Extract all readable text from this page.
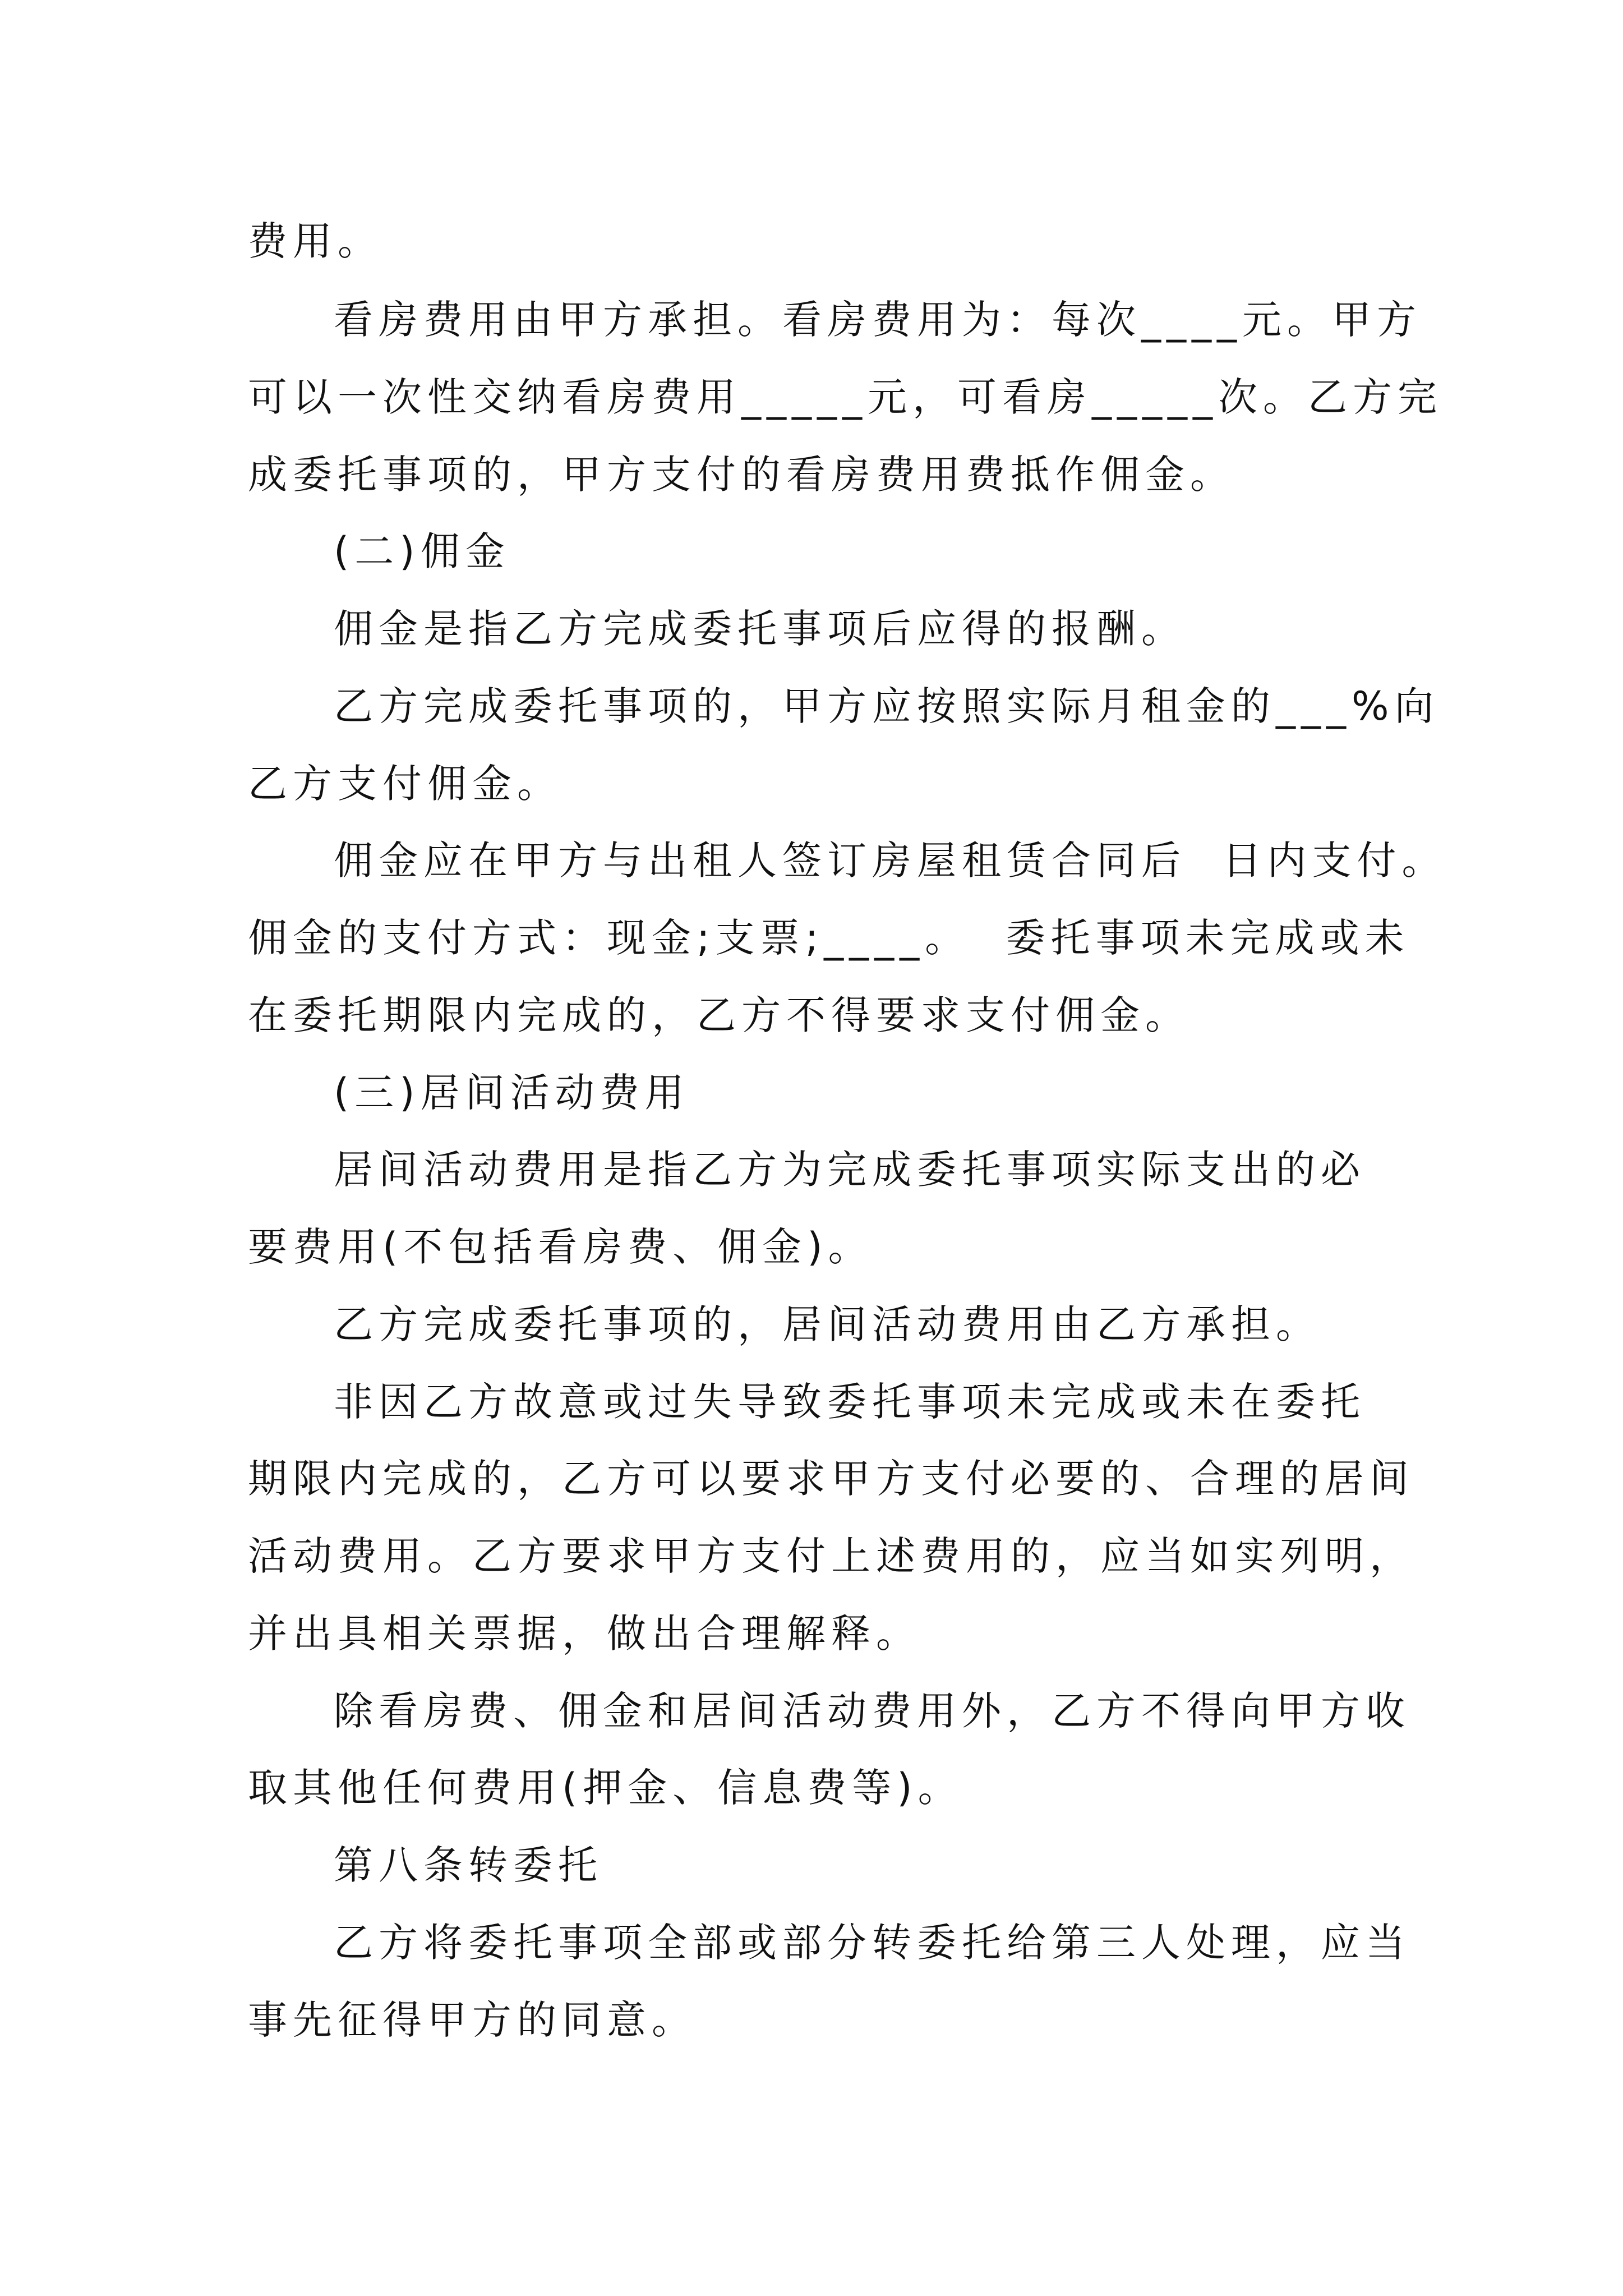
费用。

看房费用由甲方承担。看房费用为：每次____元。甲方

可以一次性交纳看房费用_____元，可看房_____次。乙方完

成委托事项的，甲方支付的看房费用费抵作佣金。

(二)佣金

佣金是指乙方完成委托事项后应得的报酬。

乙方完成委托事项的，甲方应按照实际月租金的___%向

乙方支付佣金。

佣金应在甲方与出租人签订房屋租赁合同后  日内支付。

佣金的支付方式：现金;支票;____。  委托事项未完成或未

在委托期限内完成的，乙方不得要求支付佣金。

(三)居间活动费用

居间活动费用是指乙方为完成委托事项实际支出的必

要费用(不包括看房费、佣金)。

乙方完成委托事项的，居间活动费用由乙方承担。

非因乙方故意或过失导致委托事项未完成或未在委托

期限内完成的，乙方可以要求甲方支付必要的、合理的居间

活动费用。乙方要求甲方支付上述费用的，应当如实列明，

并出具相关票据，做出合理解释。

除看房费、佣金和居间活动费用外，乙方不得向甲方收

取其他任何费用(押金、信息费等)。

第八条转委托

乙方将委托事项全部或部分转委托给第三人处理，应当

事先征得甲方的同意。
